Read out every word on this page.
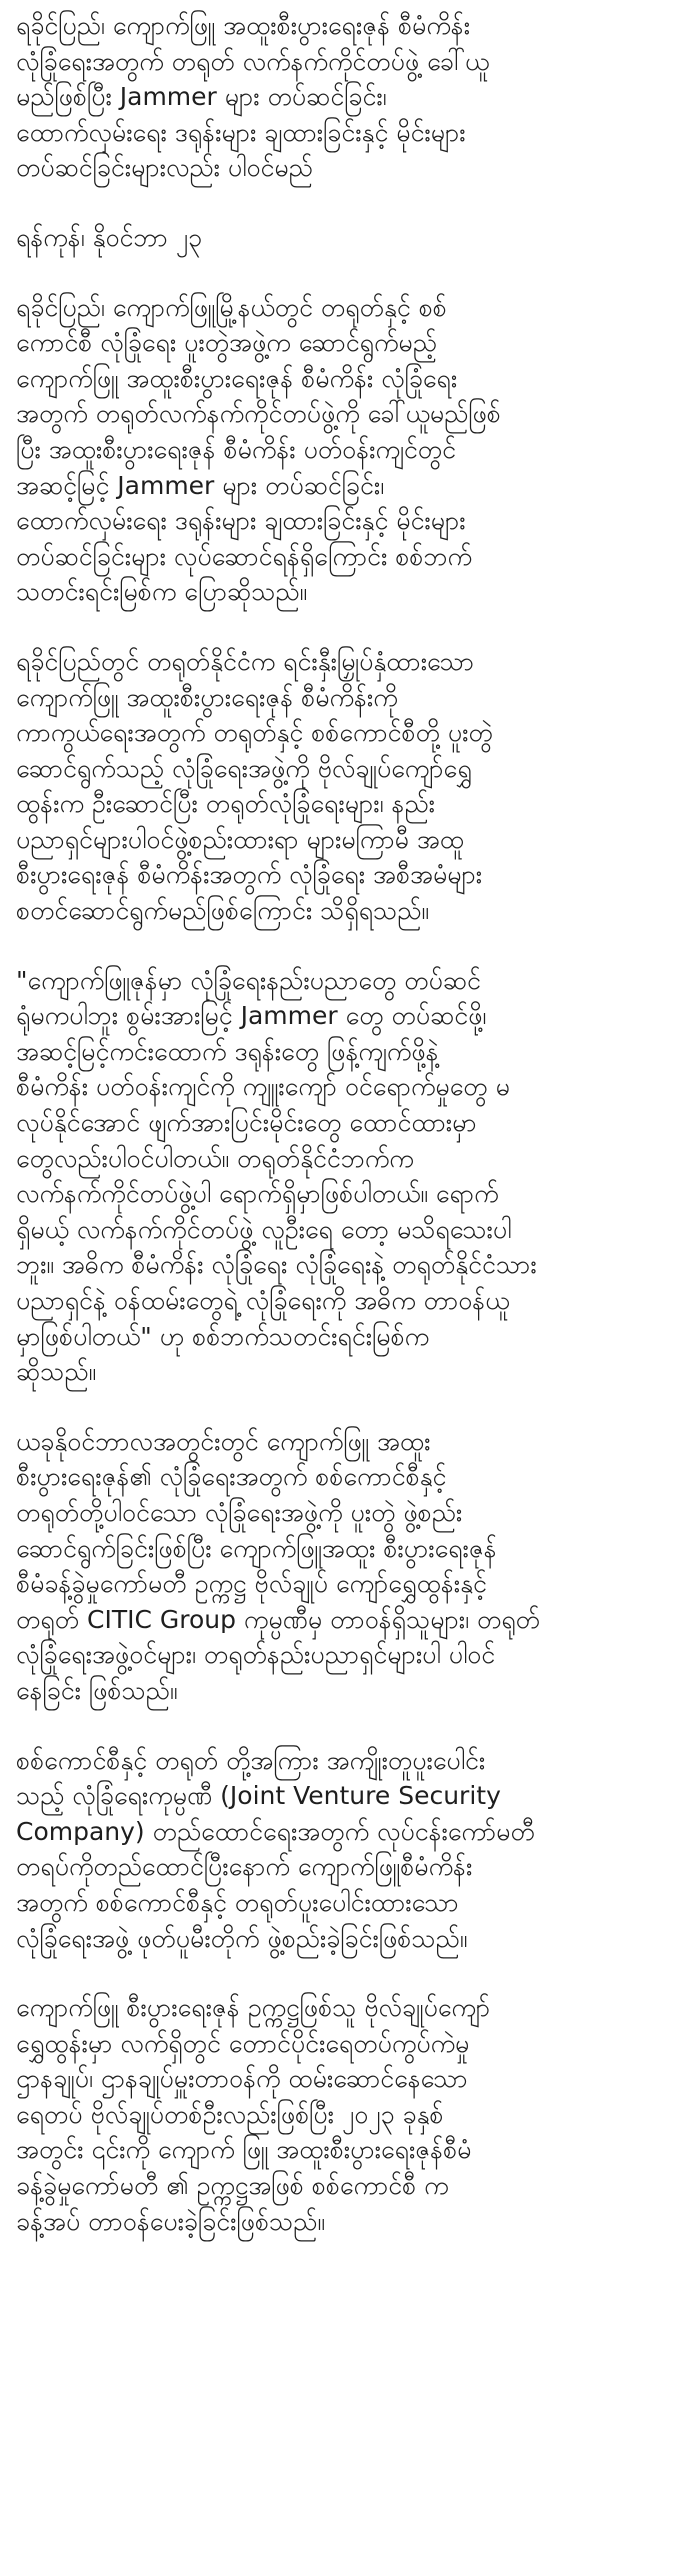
ရခိုင်ပြည်၊ ကျောက်ဖြူ အထူးစီးပွားရေးဇုန် စီမံကိန်း
လုံခြုံရေးအတွက် တရုတ် လက်နက်ကိုင်တပ်ဖွဲ့ ခေါ်ယူ
မည်ဖြစ်ပြီး Jammer များ တပ်ဆင်ခြင်း၊
ထောက်လှမ်းရေး ဒရုန်းများ ချထားခြင်းနှင့် မိုင်းများ
တပ်ဆင်ခြင်းများလည်း ပါဝင်မည်

ရန်ကုန်၊ နိုဝင်ဘာ ၂၃

ရခိုင်ပြည်၊ ကျောက်ဖြူမြို့နယ်တွင် တရုတ်နှင့် စစ်
ကောင်စီ လုံခြုံရေး ပူးတွဲအဖွဲ့က ဆောင်ရွက်မည့်
ကျောက်ဖြူ အထူးစီးပွားရေးဇုန် စီမံကိန်း လုံခြုံရေး
အတွက် တရုတ်လက်နက်ကိုင်တပ်ဖွဲ့ကို ခေါ်ယူမည်ဖြစ်
ပြီး အထူးစီးပွားရေးဇုန် စီမံကိန်း ပတ်ဝန်းကျင်တွင်
အဆင့်မြင့် Jammer များ တပ်ဆင်ခြင်း၊
ထောက်လှမ်းရေး ဒရုန်းများ ချထားခြင်းနှင့် မိုင်းများ
တပ်ဆင်ခြင်းများ လုပ်ဆောင်ရန်ရှိကြောင်း စစ်ဘက်
သတင်းရင်းမြစ်က ပြောဆိုသည်။

ရခိုင်ပြည်တွင် တရုတ်နိုင်ငံက ရင်းနှီးမြှုပ်နှံထားသော
ကျောက်ဖြူ အထူးစီးပွားရေးဇုန် စီမံကိန်းကို
ကာကွယ်ရေးအတွက် တရုတ်နှင့် စစ်ကောင်စီတို့ ပူးတွဲ
ဆောင်ရွက်သည့် လုံခြုံရေးအဖွဲ့ကို ဗိုလ်ချုပ်ကျော်ရွှေ
ထွန်းက ဦးဆောင်ပြီး တရုတ်လုံခြုံရေးများ၊ နည်း
ပညာရှင်များပါဝင်ဖွဲ့စည်းထားရာ များမကြာမီ အထူ
စီးပွားရေးဇုန် စီမံကိန်းအတွက် လုံခြုံရေး အစီအမံများ
စတင်ဆောင်ရွက်မည်ဖြစ်ကြောင်း သိရှိရသည်။

"ကျောက်ဖြူဇုန်မှာ လုံခြုံရေးနည်းပညာတွေ တပ်ဆင်
ရုံမကပါဘူး စွမ်းအားမြင့် Jammer တွေ တပ်ဆင်ဖို့၊
အဆင့်မြင့်ကင်းထောက် ဒရုန်းတွေ ဖြန့်ကျက်ဖို့နဲ့
စီမံကိန်း ပတ်ဝန်းကျင်ကို ကျူးကျော် ဝင်ရောက်မှုတွေ မ
လုပ်နိုင်အောင် ဖျက်အားပြင်းမိုင်းတွေ ထောင်ထားမှာ
တွေလည်းပါဝင်ပါတယ်။ တရုတ်နိုင်ငံဘက်က
လက်နက်ကိုင်တပ်ဖွဲ့ပါ ရောက်ရှိမှာဖြစ်ပါတယ်။ ရောက်
ရှိမယ့် လက်နက်ကိုင်တပ်ဖွဲ့ လူဦးရေ တော့ မသိရသေးပါ
ဘူး။ အဓိက စီမံကိန်း လုံခြုံရေး လုံခြုံရေးနဲ့ တရုတ်နိုင်ငံသား
ပညာရှင်နဲ့ ဝန်ထမ်းတွေရဲ့ လုံခြုံရေးကို အဓိက တာဝန်ယူ
မှာဖြစ်ပါတယ်" ဟု စစ်ဘက်သတင်းရင်းမြစ်က
ဆိုသည်။

ယခုနိုဝင်ဘာလအတွင်းတွင် ကျောက်ဖြူ အထူး
စီးပွားရေးဇုန်၏ လုံခြုံရေးအတွက် စစ်ကောင်စီနှင့်
တရုတ်တို့ပါဝင်သော လုံခြုံရေးအဖွဲ့ကို ပူးတွဲ ဖွဲ့စည်း
ဆောင်ရွက်ခြင်းဖြစ်ပြီး ကျောက်ဖြူအထူး စီးပွားရေးဇုန်
စီမံခန့်ခွဲမှုကော်မတီ ဥက္ကဋ္ဌ ဗိုလ်ချုပ် ကျော်ရွှေထွန်းနှင့်
တရုတ် CITIC Group ကုမ္ပဏီမှ တာဝန်ရှိသူများ၊ တရုတ်
လုံခြုံရေးအဖွဲ့ဝင်များ၊ တရုတ်နည်းပညာရှင်များပါ ပါဝင်
နေခြင်း ဖြစ်သည်။

စစ်ကောင်စီနှင့် တရုတ် တို့အကြား အကျိုးတူပူးပေါင်း
သည့် လုံခြုံရေးကုမ္ပဏီ (Joint Venture Security
Company) တည်ထောင်ရေးအတွက် လုပ်ငန်းကော်မတီ
တရပ်ကိုတည်ထောင်ပြီးနောက် ကျောက်ဖြူစီမံကိန်း
အတွက် စစ်ကောင်စီနှင့် တရုတ်ပူးပေါင်းထားသော
လုံခြုံရေးအဖွဲ့ ဖုတ်ပူမီးတိုက် ဖွဲ့စည်းခဲ့ခြင်းဖြစ်သည်။

ကျောက်ဖြူ စီးပွားရေးဇုန် ဥက္ကဋ္ဌဖြစ်သူ ဗိုလ်ချုပ်ကျော်
ရွှေထွန်းမှာ လက်ရှိတွင် တောင်ပိုင်းရေတပ်ကွပ်ကဲမှု
ဌာနချုပ်၊ ဌာနချုပ်မှူးတာဝန်ကို ထမ်းဆောင်နေသော
ရေတပ် ဗိုလ်ချုပ်တစ်ဦးလည်းဖြစ်ပြီး ၂၀၂၃ ခုနှစ်
အတွင်း ၎င်းကို ကျောက် ဖြူ အထူးစီးပွားရေးဇုန်စီမံ
ခန့်ခွဲမှုကော်မတီ ၏ ဥက္ကဋ္ဌအဖြစ် စစ်ကောင်စီ က
ခန့်အပ် တာဝန်ပေးခဲ့ခြင်းဖြစ်သည်။
